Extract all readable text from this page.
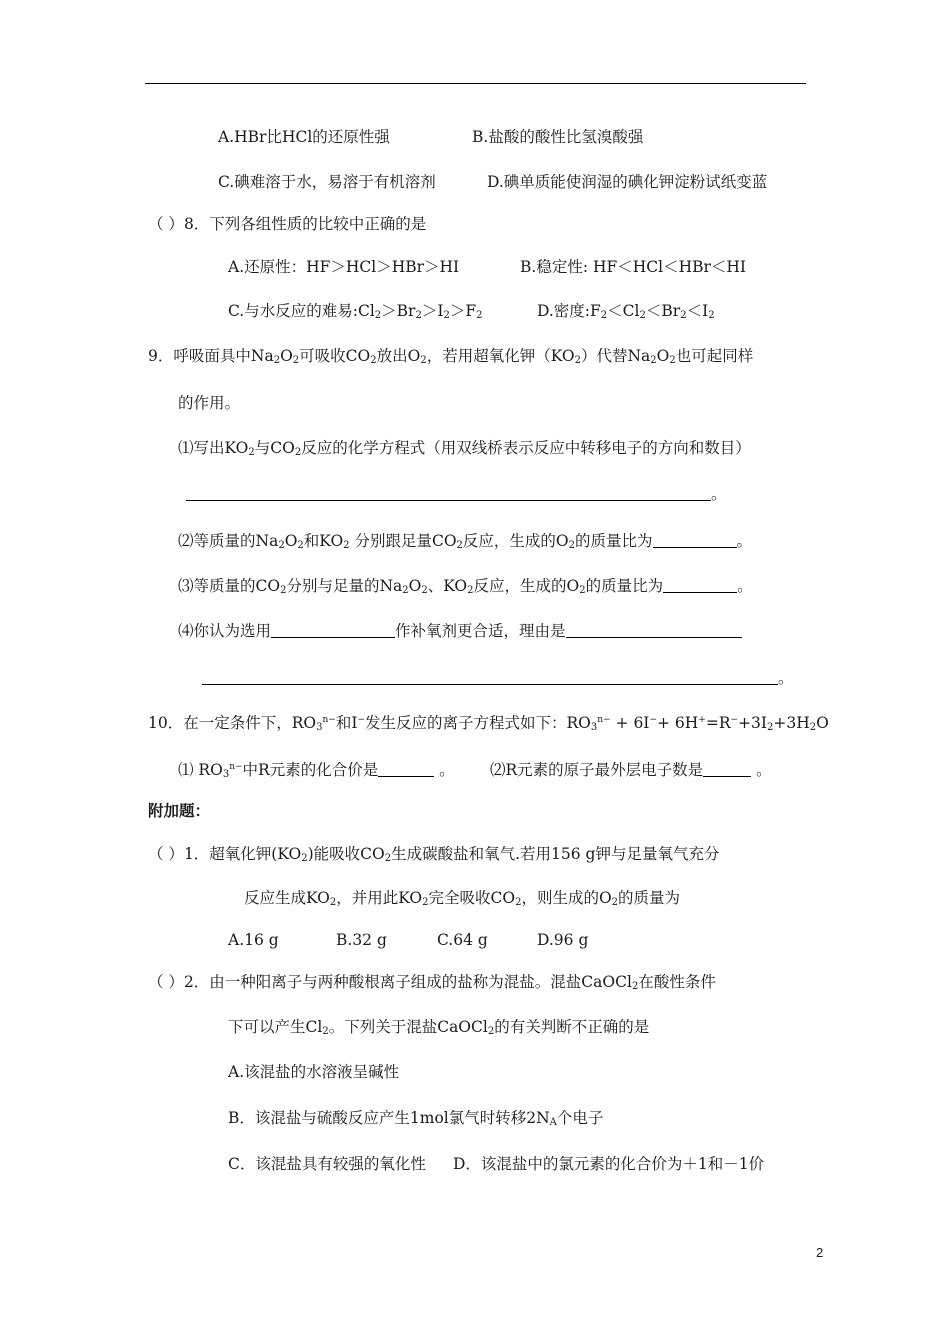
A.HBr比HCl的还原性强	B.盐酸的酸性比氢溴酸强
C.碘难溶于水，易溶于有机溶剂	D.碘单质能使润湿的碘化钾淀粉试纸变蓝
（ ）8．下列各组性质的比较中正确的是
A.还原性：HF＞HCl＞HBr＞HI	B.稳定性: HF＜HCl＜HBr＜HI
C.与水反应的难易$:Cl_2>Br_2>I_2>F_2$	D.密度$:F_2<Cl_2<Br_2<I_2$
9．呼吸面具中$Na_2O_2$可吸收$CO_2$放出$O_2$，若用超氧化钾$(KO_2)$代替$Na_2O_2$也可起同样
的作用。
⑴写出$KO_2$与$CO_2$反应的化学方程式（用双线桥表示反应中转移电子的方向和数目）
。
⑵等质量的$Na_2O_2$和$KO_2$ 分别跟足量$CO_2$反应，生成的$O_2$的质量比为	。
⑶等质量的$CO_2$分别与足量的$Na_2O_2$、$KO_2$反应，生成的$O_2$的质量比为	。
⑷你认为选用	作补氧剂更合适，理由是
。
10．在一定条件下，$RO_3^{n-}$和I−发生反应的离子方程式如下：$RO_3^{n-} + 6I^-+ 6H^+=R^-+3I_2+3H_2O$
⑴ $RO_3^{n-}$中R元素的化合价是	。 ⑵R元素的原子最外层电子数是	。
附加题：
（ ）1．超氧化钾$(KO_2)$能吸收$CO_2$生成碳酸盐和氧气.若用156 g钾与足量氧气充分
反应生成$KO_2$，并用此$KO_2$完全吸收$CO_2$，则生成的$O_2$的质量为
A.16 g	B.32 g	C.64 g	D.96 g
（ ）2．由一种阳离子与两种酸根离子组成的盐称为混盐。混盐CaOCl$_2$在酸性条件
下可以产生$Cl_2$。下列关于混盐CaOCl$_2$的有关判断不正确的是
A.该混盐的水溶液呈碱性
B．该混盐与硫酸反应产生1mol氯气时转移$2N_A$个电子
C．该混盐具有较强的氧化性 D．该混盐中的氯元素的化合价为＋1和－1价
2
